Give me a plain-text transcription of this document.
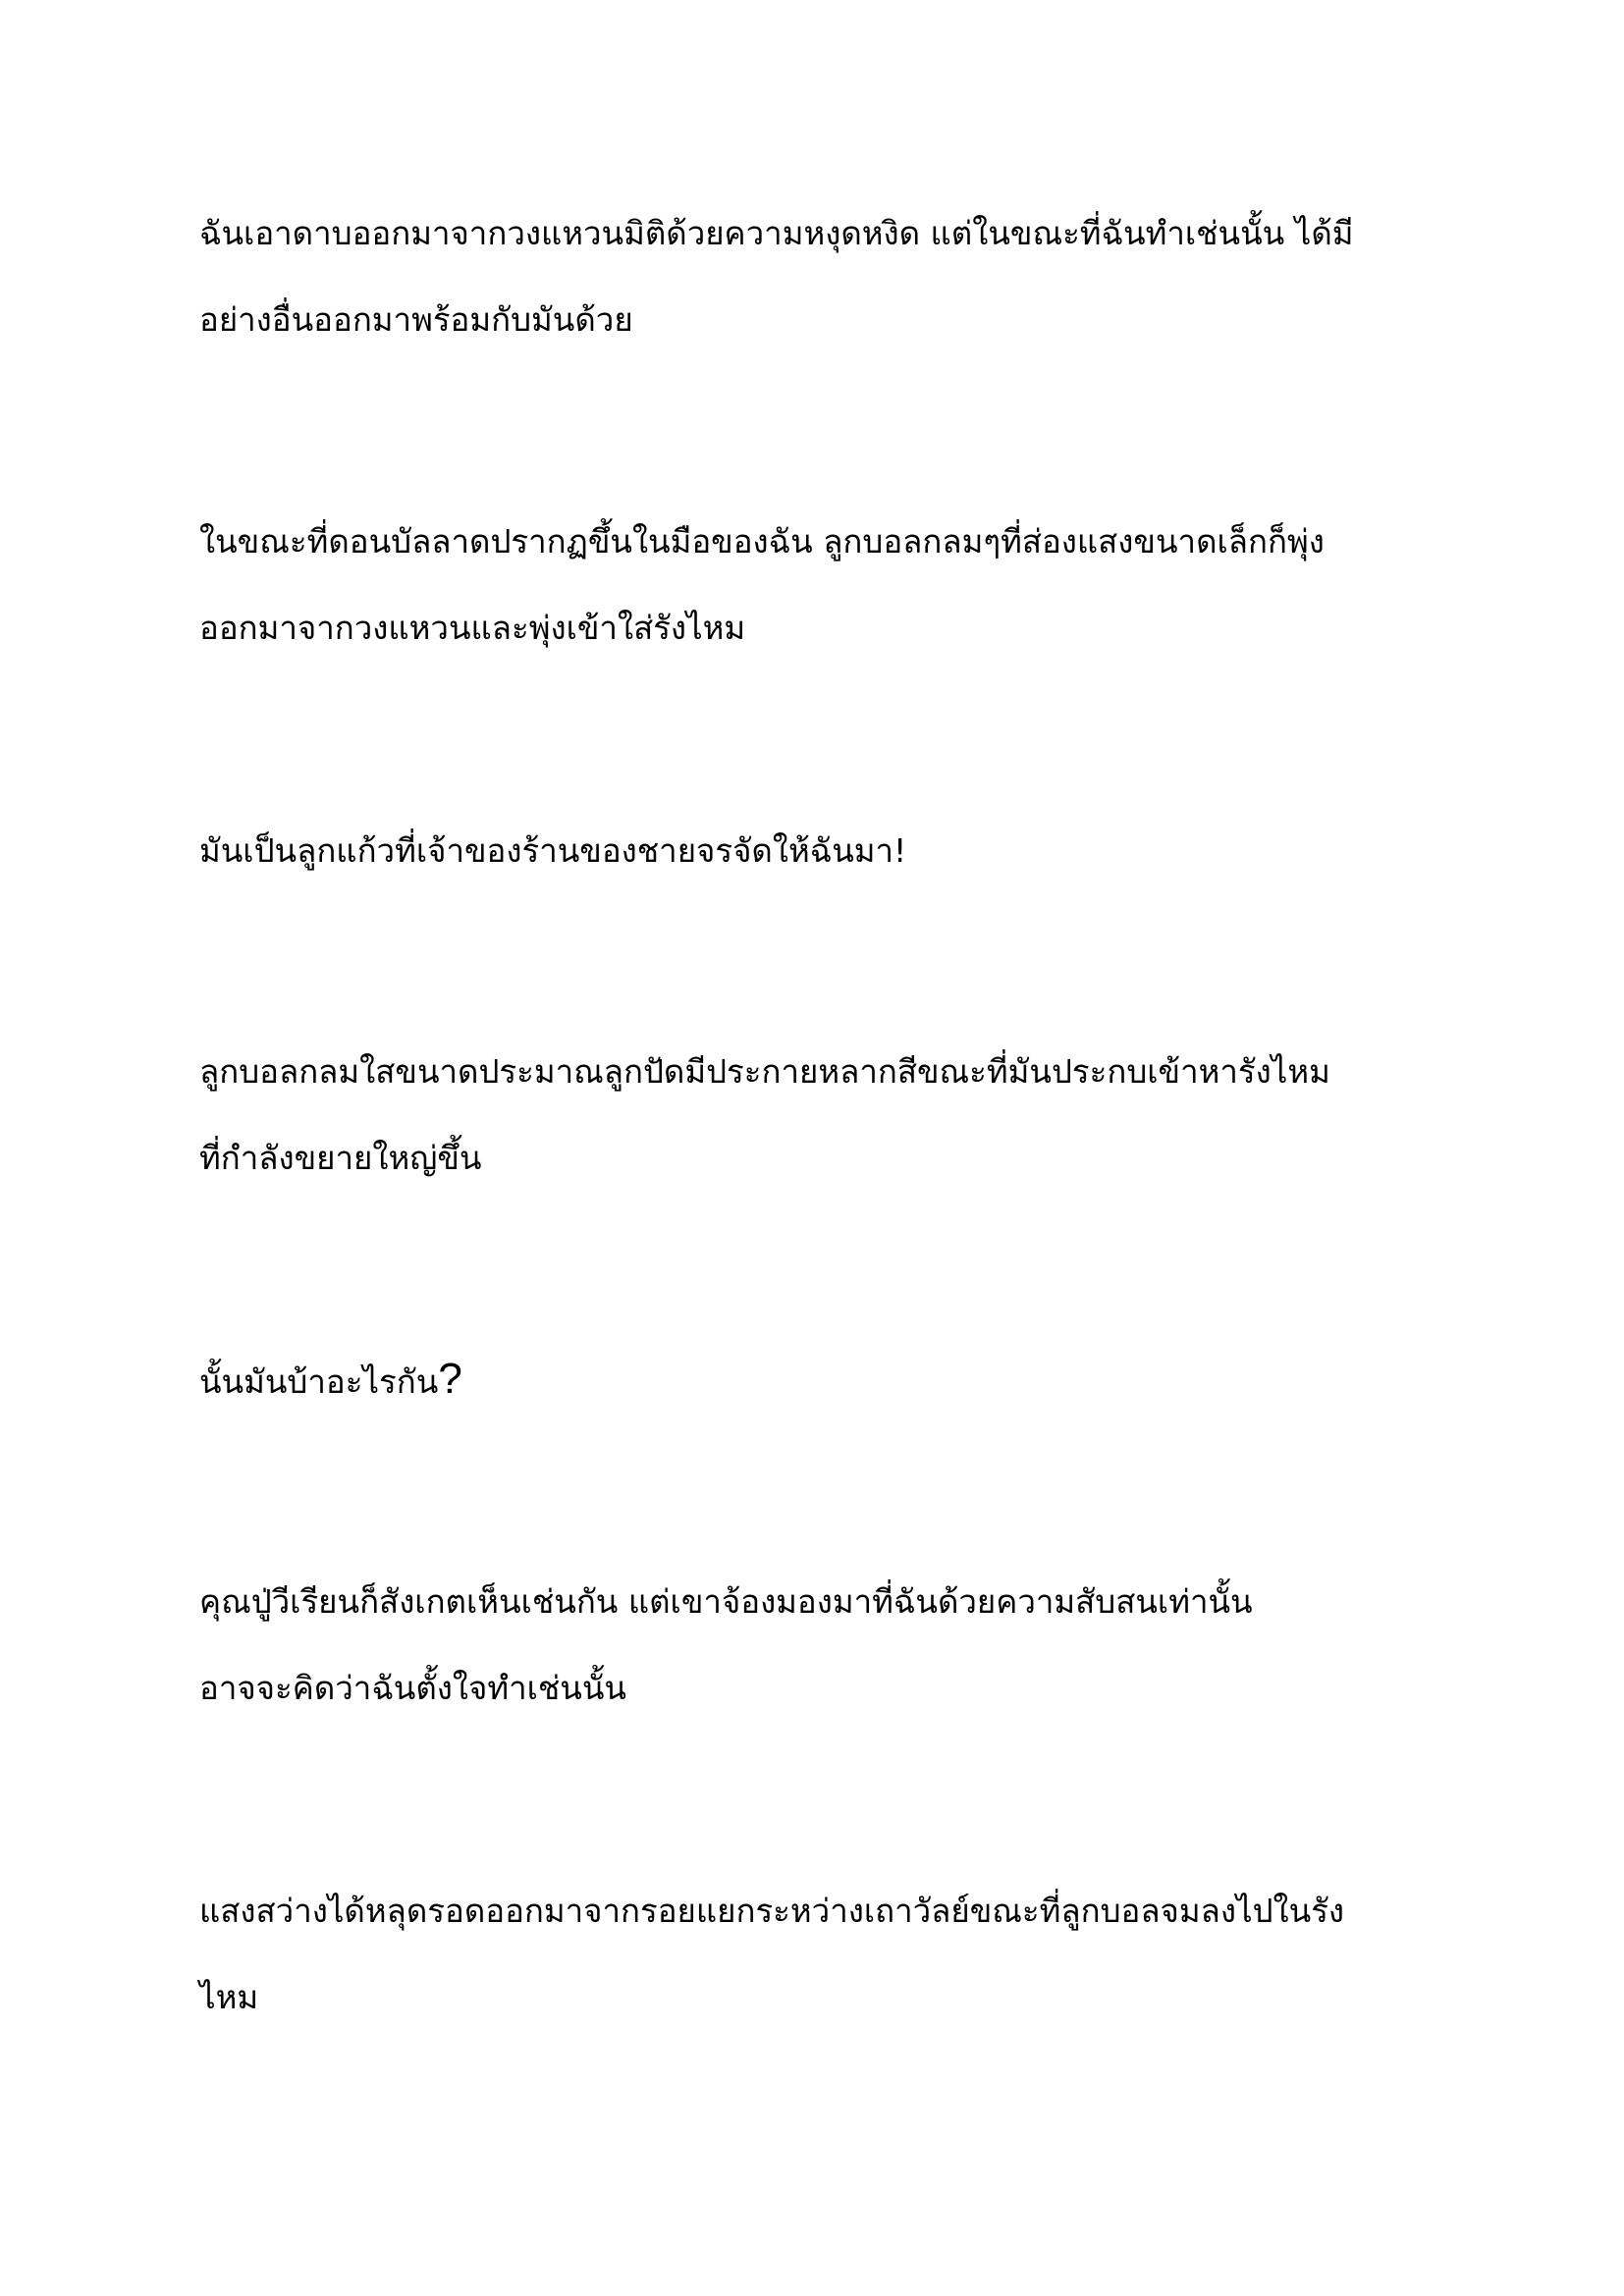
ฉันเอาดาบออกมาจากวงแหวนมิติด้วยความหงุดหงิด แต่ในขณะที่ฉันทำเช่นนั้น ได้มี
อย่างอื่นออกมาพร้อมกับมันด้วย

ในขณะที่ดอนบัลลาดปรากฏขึ้นในมือของฉัน ลูกบอลกลมๆที่ส่องแสงขนาดเล็กก็พุ่ง
ออกมาจากวงแหวนและพุ่งเข้าใส่รังไหม

มันเป็นลูกแก้วที่เจ้าของร้านของชายจรจัดให้ฉันมา!

ลูกบอลกลมใสขนาดประมาณลูกปัดมีประกายหลากสีขณะที่มันประกบเข้าหารังไหม
ที่กำลังขยายใหญ่ขึ้น

นั้นมันบ้าอะไรกัน?

คุณปู่วีเรียนก็สังเกตเห็นเช่นกัน แต่เขาจ้องมองมาที่ฉันด้วยความสับสนเท่านั้น
อาจจะคิดว่าฉันตั้งใจทำเช่นนั้น

แสงสว่างได้หลุดรอดออกมาจากรอยแยกระหว่างเถาวัลย์ขณะที่ลูกบอลจมลงไปในรัง
ไหม
